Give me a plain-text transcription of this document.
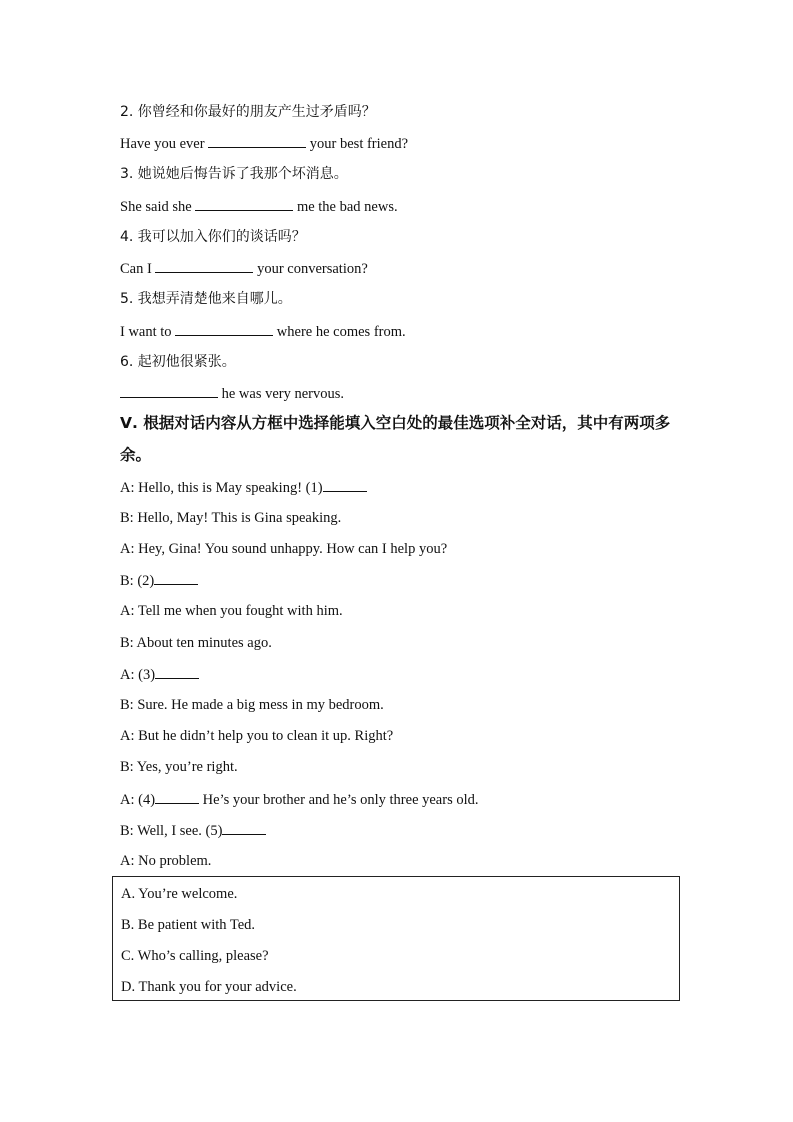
2. 你曾经和你最好的朋友产生过矛盾吗？
Have you ever	your best friend?
3. 她说她后悔告诉了我那个坏消息。
She said she	me the bad news.
4. 我可以加入你们的谈话吗？
Can I	your conversation?
5. 我想弄清楚他来自哪儿。
I want to	where he comes from.
6. 起初他很紧张。
he was very nervous.
Ⅴ. 根据对话内容从方框中选择能填入空白处的最佳选项补全对话，其中有两项多余。
A: Hello, this is May speaking! (1)
B: Hello, May! This is Gina speaking.
A: Hey, Gina! You sound unhappy. How can I help you?
B: (2)
A: Tell me when you fought with him.
B: About ten minutes ago.
A: (3)
B: Sure. He made a big mess in my bedroom.
A: But he didn’t help you to clean it up. Right?
B: Yes, you’re right.
A: (4)	He’s your brother and he’s only three years old.
B: Well, I see. (5)
A: No problem.
A. You’re welcome.
B. Be patient with Ted.
C. Who’s calling, please?
D. Thank you for your advice.
